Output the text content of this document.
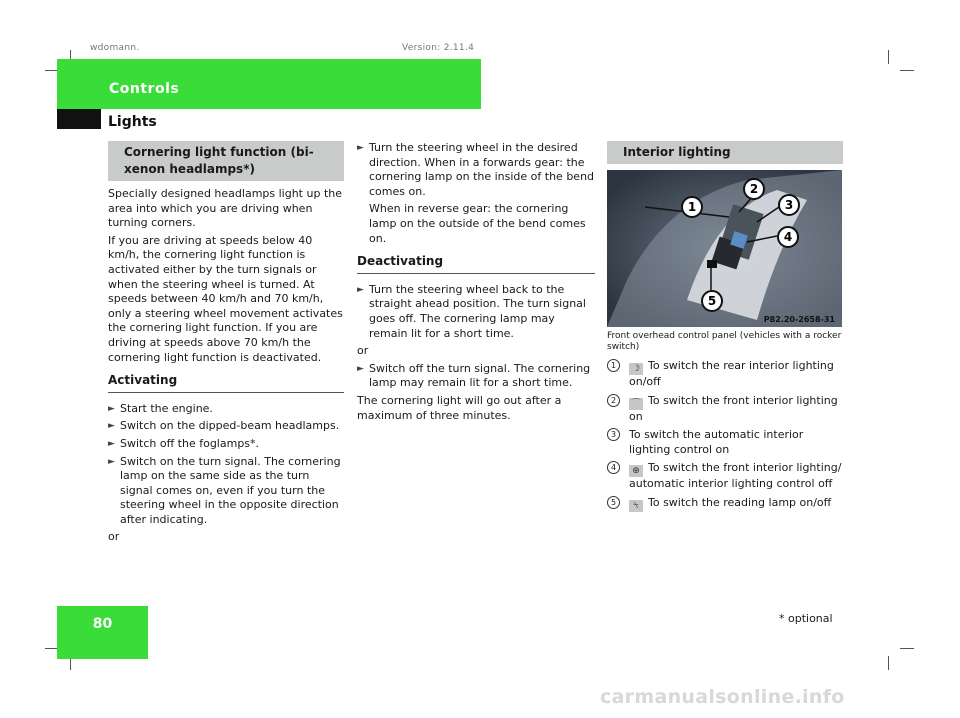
wdomann,	Version: 2.11.4
Controls
Lights
Cornering light function (bi-xenon headlamps*)

Specially designed headlamps light up the area into which you are driving when turning corners.

If you are driving at speeds below 40 km/h, the cornering light function is activated either by the turn signals or when the steering wheel is turned. At speeds between 40 km/h and 70 km/h, only a steering wheel movement activates the cornering light function. If you are driving at speeds above 70 km/h the cornering light function is deactivated.

Activating
► Start the engine.
► Switch on the dipped-beam headlamps.
► Switch off the foglamps*.
► Switch on the turn signal. The cornering lamp on the same side as the turn signal comes on, even if you turn the steering wheel in the opposite direction after indicating.

or

► Turn the steering wheel in the desired direction. When in a forwards gear: the cornering lamp on the inside of the bend comes on.

When in reverse gear: the cornering lamp on the outside of the bend comes on.

Deactivating
► Turn the steering wheel back to the straight ahead position. The turn signal goes off. The cornering lamp may remain lit for a short time.

or

► Switch off the turn signal. The cornering lamp may remain lit for a short time.

The cornering light will go out after a maximum of three minutes.

Interior lighting
1
2
3
4
5
P82.20-2658-31
Front overhead control panel (vehicles with a rocker switch)
1	☽ To switch the rear interior lighting on/off
2	⌒ To switch the front interior lighting on
3	To switch the automatic interior lighting control on
4	⊕ To switch the front interior lighting/ automatic interior lighting control off
5	⍀ To switch the reading lamp on/off
80	* optional
carmanualsonline.info
